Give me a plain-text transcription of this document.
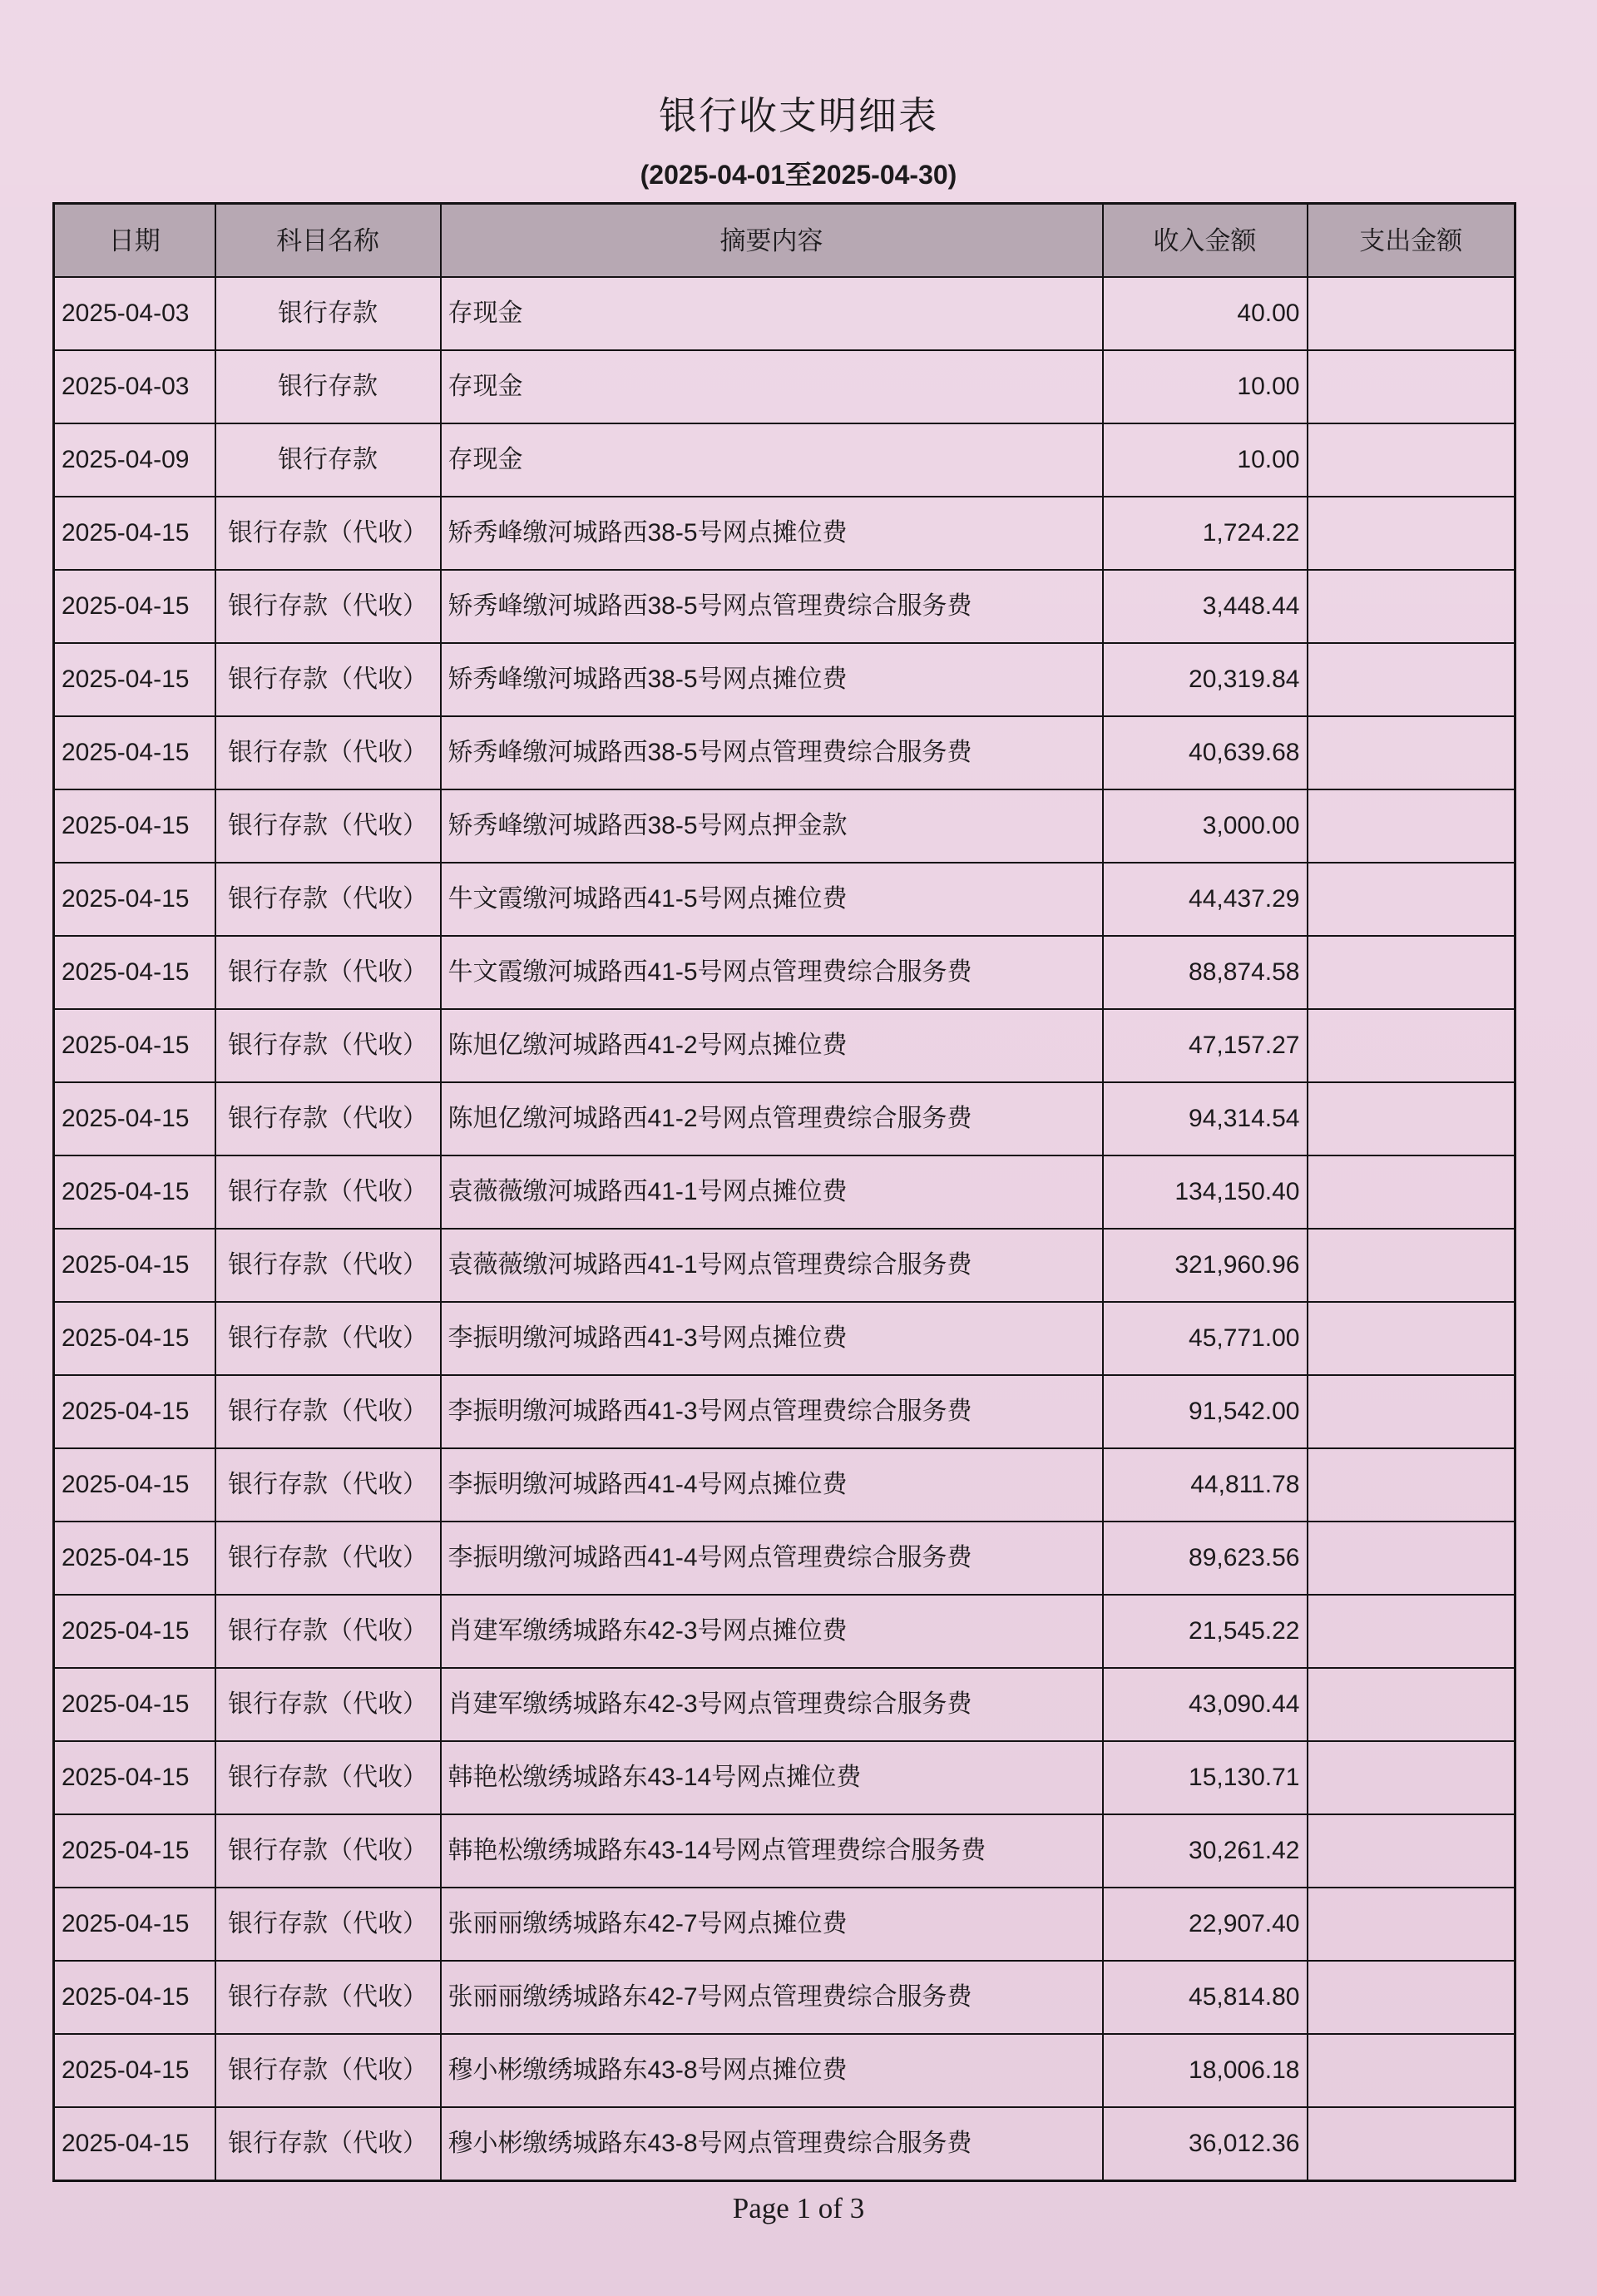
银行收支明细表
(2025-04-01至2025-04-30)
日期	科目名称	摘要内容	收入金额	支出金额
2025-04-03	银行存款	存现金	40.00	
2025-04-03	银行存款	存现金	10.00	
2025-04-09	银行存款	存现金	10.00	
2025-04-15	银行存款（代收）	矫秀峰缴河城路西38-5号网点摊位费	1,724.22	
2025-04-15	银行存款（代收）	矫秀峰缴河城路西38-5号网点管理费综合服务费	3,448.44	
2025-04-15	银行存款（代收）	矫秀峰缴河城路西38-5号网点摊位费	20,319.84	
2025-04-15	银行存款（代收）	矫秀峰缴河城路西38-5号网点管理费综合服务费	40,639.68	
2025-04-15	银行存款（代收）	矫秀峰缴河城路西38-5号网点押金款	3,000.00	
2025-04-15	银行存款（代收）	牛文霞缴河城路西41-5号网点摊位费	44,437.29	
2025-04-15	银行存款（代收）	牛文霞缴河城路西41-5号网点管理费综合服务费	88,874.58	
2025-04-15	银行存款（代收）	陈旭亿缴河城路西41-2号网点摊位费	47,157.27	
2025-04-15	银行存款（代收）	陈旭亿缴河城路西41-2号网点管理费综合服务费	94,314.54	
2025-04-15	银行存款（代收）	袁薇薇缴河城路西41-1号网点摊位费	134,150.40	
2025-04-15	银行存款（代收）	袁薇薇缴河城路西41-1号网点管理费综合服务费	321,960.96	
2025-04-15	银行存款（代收）	李振明缴河城路西41-3号网点摊位费	45,771.00	
2025-04-15	银行存款（代收）	李振明缴河城路西41-3号网点管理费综合服务费	91,542.00	
2025-04-15	银行存款（代收）	李振明缴河城路西41-4号网点摊位费	44,811.78	
2025-04-15	银行存款（代收）	李振明缴河城路西41-4号网点管理费综合服务费	89,623.56	
2025-04-15	银行存款（代收）	肖建军缴绣城路东42-3号网点摊位费	21,545.22	
2025-04-15	银行存款（代收）	肖建军缴绣城路东42-3号网点管理费综合服务费	43,090.44	
2025-04-15	银行存款（代收）	韩艳松缴绣城路东43-14号网点摊位费	15,130.71	
2025-04-15	银行存款（代收）	韩艳松缴绣城路东43-14号网点管理费综合服务费	30,261.42	
2025-04-15	银行存款（代收）	张丽丽缴绣城路东42-7号网点摊位费	22,907.40	
2025-04-15	银行存款（代收）	张丽丽缴绣城路东42-7号网点管理费综合服务费	45,814.80	
2025-04-15	银行存款（代收）	穆小彬缴绣城路东43-8号网点摊位费	18,006.18	
2025-04-15	银行存款（代收）	穆小彬缴绣城路东43-8号网点管理费综合服务费	36,012.36	
Page 1 of 3
